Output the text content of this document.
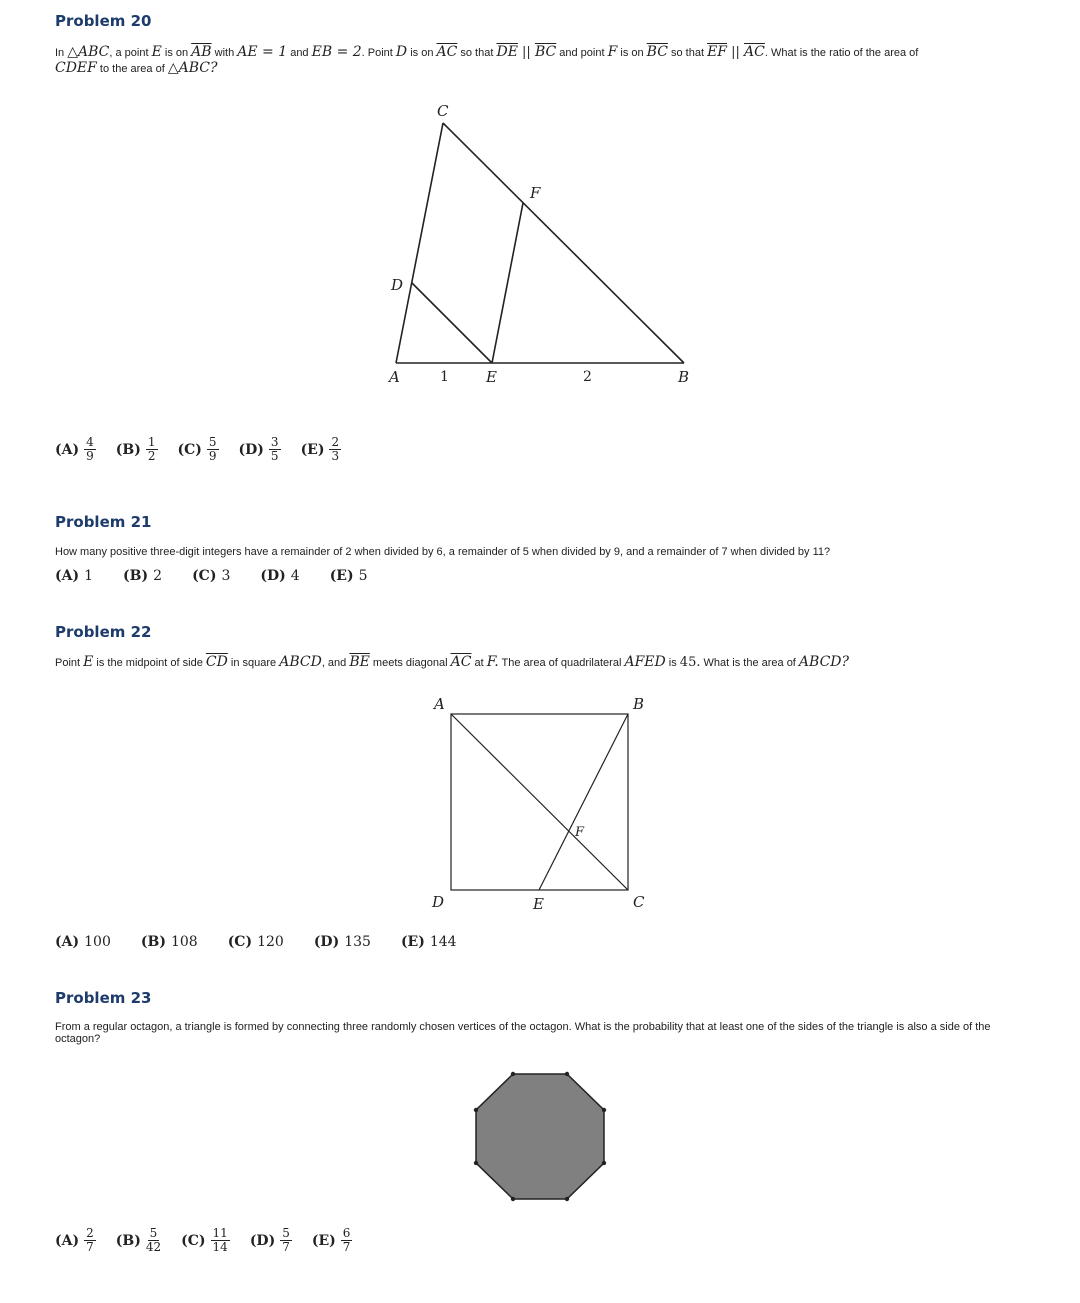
Problem 20
In △ABC, a point E is on $\overline{AB}$ with AE = 1 and EB = 2. Point D is on $\overline{AC}$ so that $\overline{DE}$ || $\overline{BC}$ and point F is on $\overline{BC}$ so that $\overline{EF}$ || $\overline{AC}$. What is the ratio of the area of
CDEF to the area of △ABC?
C
F
D
A	1 E	2	B
A	B
F
D	E	C
$(A) \frac{4}{9} (B) \frac{1}{2} (C) \frac{5}{9} (D) \frac{3}{5} (E) \frac{2}{3}$
Problem 21
How many positive three-digit integers have a remainder of 2 when divided by 6, a remainder of 5 when divided by 9, and a remainder of 7 when divided by 11?
(A) 1 (B) 2 (C) 3 (D) 4 (E) 5
Problem 22
Point E is the midpoint of side $\overline{CD}$ in square ABCD, and $\overline{BE}$ meets diagonal $\overline{AC}$ at F. The area of quadrilateral AFED is 45. What is the area of ABCD?
(A) 100 (B) 108 (C) 120 (D) 135 (E) 144
Problem 23
From a regular octagon, a triangle is formed by connecting three randomly chosen vertices of the octagon. What is the probability that at least one of the sides of the triangle is also a side of the
octagon?
$(A) \frac{2}{7} (B) \frac{5}{42} (C) \frac{11}{14} (D) \frac{5}{7} (E) \frac{6}{7}$
